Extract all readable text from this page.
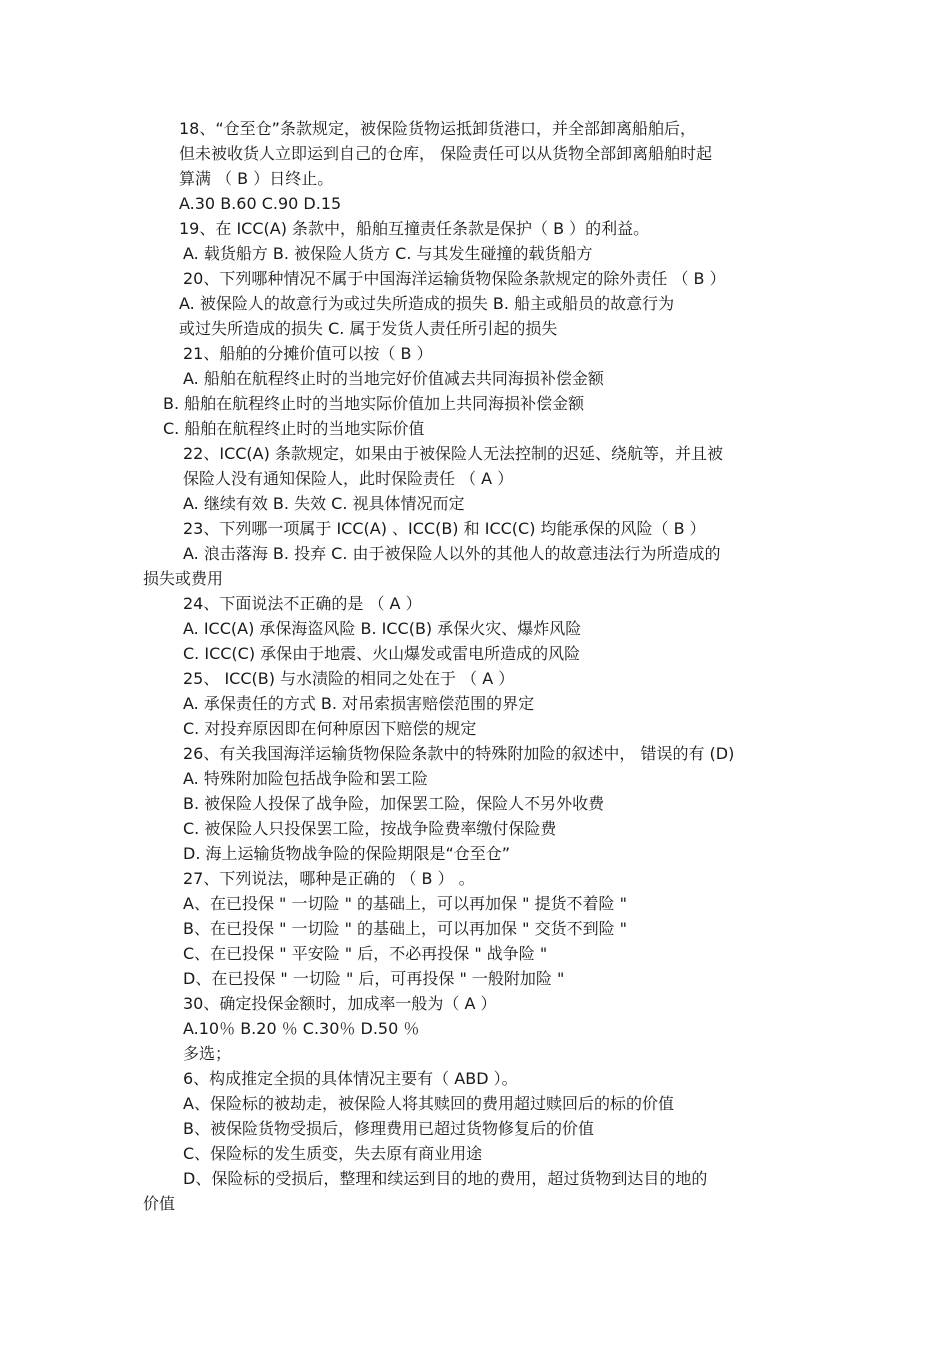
18、“仓至仓”条款规定，被保险货物运抵卸货港口，并全部卸离船舶后，
但未被收货人立即运到自己的仓库， 保险责任可以从货物全部卸离船舶时起
算满 （ B ）日终止。
A.30 B.60 C.90 D.15
19、在 ICC(A) 条款中，船舶互撞责任条款是保护（ B ）的利益。
A. 载货船方 B. 被保险人货方 C. 与其发生碰撞的载货船方
20、下列哪种情况不属于中国海洋运输货物保险条款规定的除外责任 （ B ）
A. 被保险人的故意行为或过失所造成的损失 B. 船主或船员的故意行为
或过失所造成的损失 C. 属于发货人责任所引起的损失
21、船舶的分摊价值可以按（ B ）
A. 船舶在航程终止时的当地完好价值减去共同海损补偿金额
B. 船舶在航程终止时的当地实际价值加上共同海损补偿金额
C. 船舶在航程终止时的当地实际价值
22、ICC(A) 条款规定，如果由于被保险人无法控制的迟延、绕航等，并且被
保险人没有通知保险人，此时保险责任 （ A ）
A. 继续有效 B. 失效 C. 视具体情况而定
23、下列哪一项属于 ICC(A) 、ICC(B) 和 ICC(C) 均能承保的风险（ B ）
A. 浪击落海 B. 投弃 C. 由于被保险人以外的其他人的故意违法行为所造成的
损失或费用
24、下面说法不正确的是 （ A ）
A. ICC(A) 承保海盗风险 B. ICC(B) 承保火灾、爆炸风险
C. ICC(C) 承保由于地震、火山爆发或雷电所造成的风险
25、 ICC(B) 与水渍险的相同之处在于 （ A ）
A. 承保责任的方式 B. 对吊索损害赔偿范围的界定
C. 对投弃原因即在何种原因下赔偿的规定
26、有关我国海洋运输货物保险条款中的特殊附加险的叙述中， 错误的有 (D)
A. 特殊附加险包括战争险和罢工险
B. 被保险人投保了战争险，加保罢工险，保险人不另外收费
C. 被保险人只投保罢工险，按战争险费率缴付保险费
D. 海上运输货物战争险的保险期限是“仓至仓”
27、下列说法，哪种是正确的 （ B ） 。
A、在已投保 " 一切险 " 的基础上，可以再加保 " 提货不着险 "
B、在已投保 " 一切险 " 的基础上，可以再加保 " 交货不到险 "
C、在已投保 " 平安险 " 后，不必再投保 " 战争险 "
D、在已投保 " 一切险 " 后，可再投保 " 一般附加险 "
30、确定投保金额时，加成率一般为（ A ）
A.10％ B.20 ％ C.30％ D.50 ％
多选；
6、构成推定全损的具体情况主要有（ ABD ）。
A、保险标的被劫走，被保险人将其赎回的费用超过赎回后的标的价值
B、被保险货物受损后，修理费用已超过货物修复后的价值
C、保险标的发生质变，失去原有商业用途
D、保险标的受损后，整理和续运到目的地的费用，超过货物到达目的地的
价值
